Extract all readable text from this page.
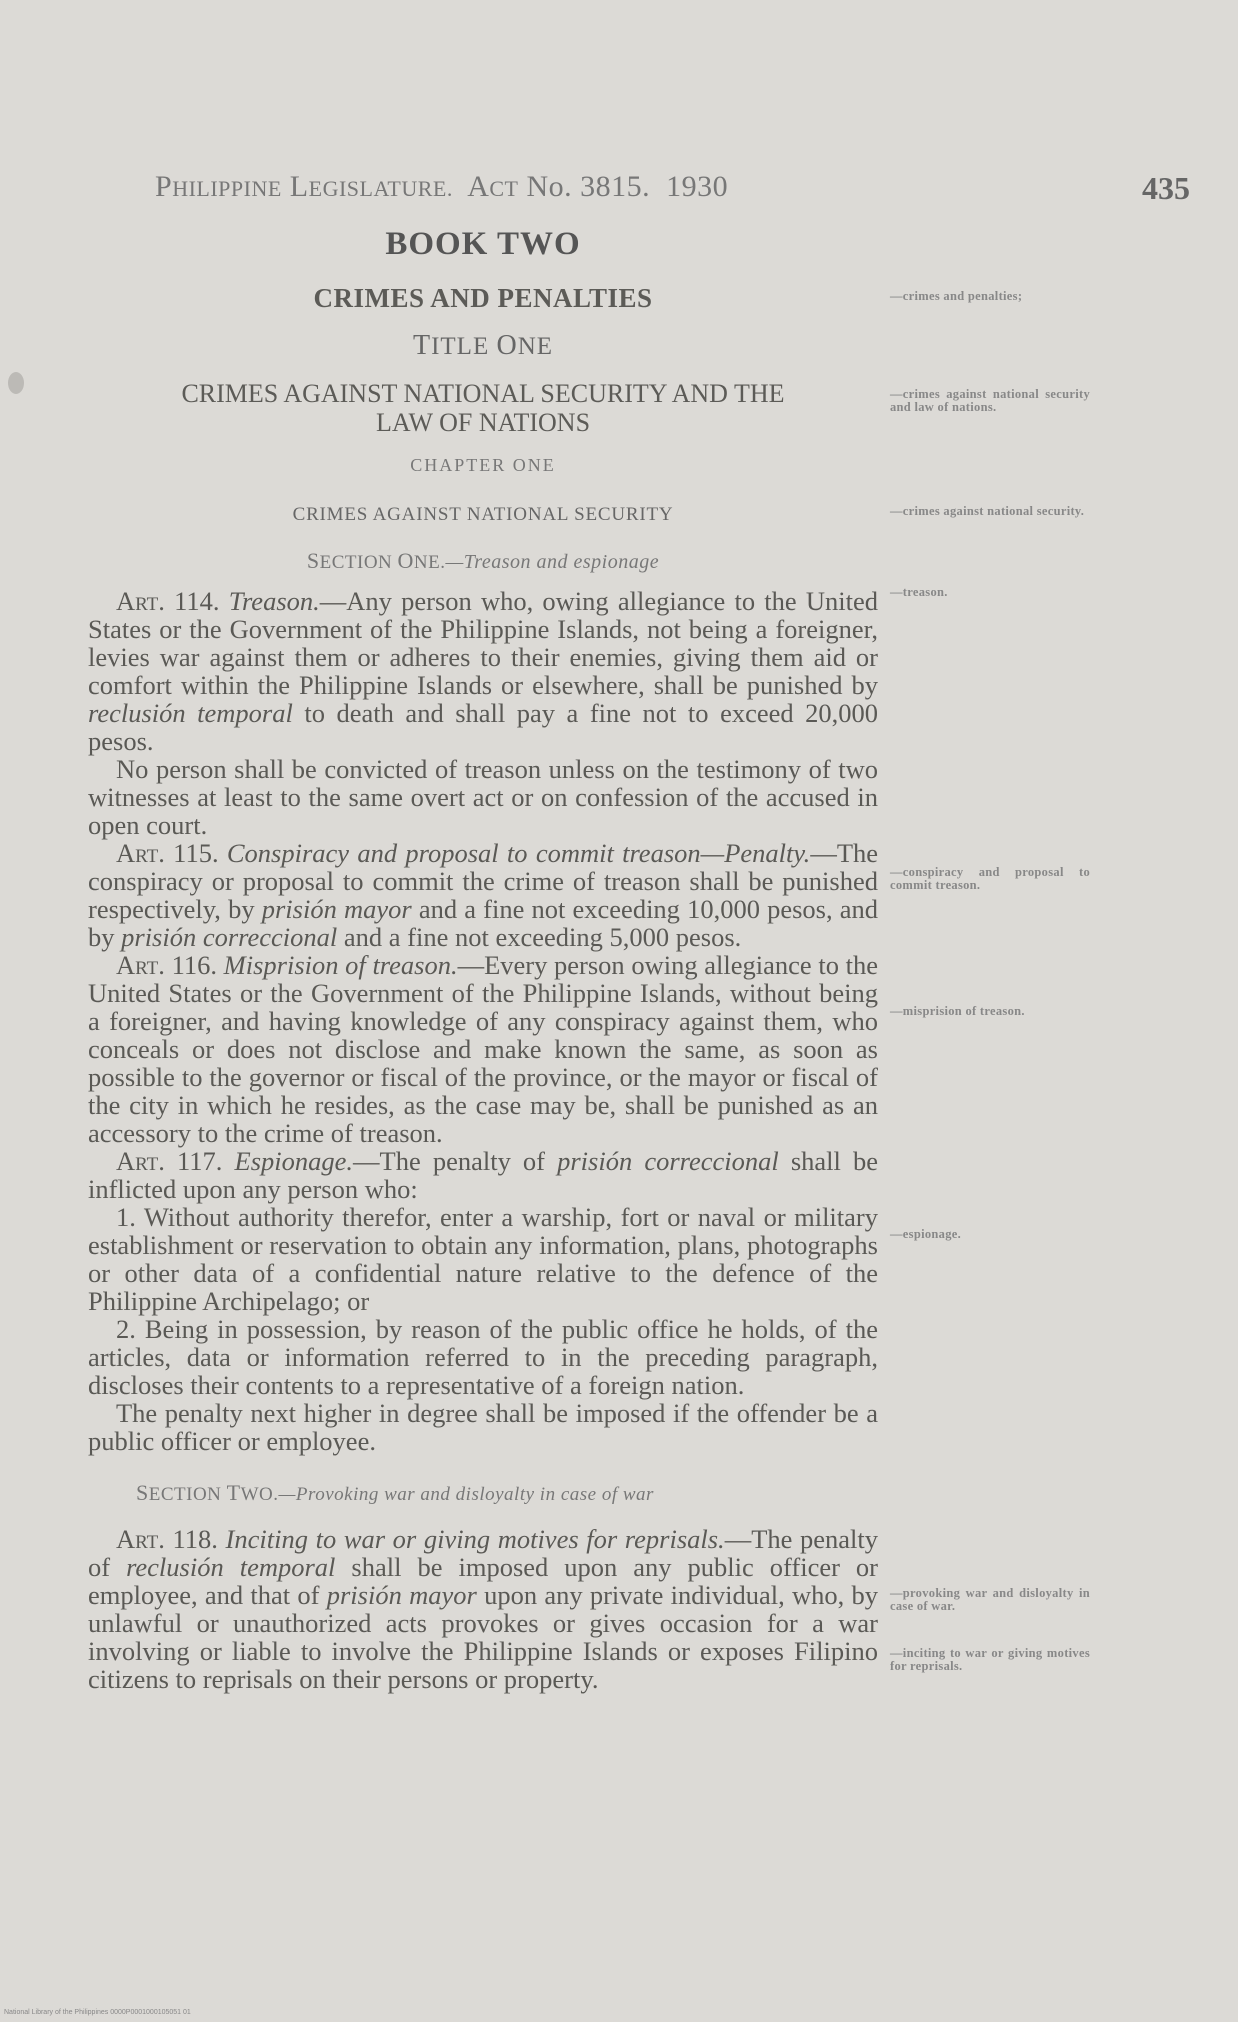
PHILIPPINE LEGISLATURE. ACT No. 3815. 1930	435
BOOK TWO
CRIMES AND PENALTIES
TITLE ONE
CRIMES AGAINST NATIONAL SECURITY AND THE
LAW OF NATIONS
CHAPTER ONE
CRIMES AGAINST NATIONAL SECURITY
SECTION ONE.—Treason and espionage

Art. 114. Treason.—Any person who, owing allegiance to the United States or the Government of the Philippine Islands, not being a foreigner, levies war against them or adheres to their enemies, giving them aid or comfort within the Philippine Islands or elsewhere, shall be punished by reclusión temporal to death and shall pay a fine not to exceed 20,000 pesos.

No person shall be convicted of treason unless on the testimony of two witnesses at least to the same overt act or on confession of the accused in open court.

Art. 115. Conspiracy and proposal to commit treason—Penalty.—The conspiracy or proposal to commit the crime of treason shall be punished respectively, by prisión mayor and a fine not exceeding 10,000 pesos, and by prisión correccional and a fine not exceeding 5,000 pesos.

Art. 116. Misprision of treason.—Every person owing allegiance to the United States or the Government of the Philippine Islands, without being a foreigner, and having knowledge of any conspiracy against them, who conceals or does not disclose and make known the same, as soon as possible to the governor or fiscal of the province, or the mayor or fiscal of the city in which he resides, as the case may be, shall be punished as an accessory to the crime of treason.

Art. 117. Espionage.—The penalty of prisión correccional shall be inflicted upon any person who:

1. Without authority therefor, enter a warship, fort or naval or military establishment or reservation to obtain any information, plans, photographs or other data of a confidential nature relative to the defence of the Philippine Archipelago; or

2. Being in possession, by reason of the public office he holds, of the articles, data or information referred to in the preceding paragraph, discloses their contents to a representative of a foreign nation.

The penalty next higher in degree shall be imposed if the offender be a public officer or employee.

SECTION TWO.—Provoking war and disloyalty in case of war

Art. 118. Inciting to war or giving motives for reprisals.—The penalty of reclusión temporal shall be imposed upon any public officer or employee, and that of prisión mayor upon any private individual, who, by unlawful or unauthorized acts provokes or gives occasion for a war involving or liable to involve the Philippine Islands or exposes Filipino citizens to reprisals on their persons or property.

—crimes and penalties;
—crimes against national security and law of nations.
—crimes against national security.
—treason.
—conspiracy and proposal to commit treason.
—misprision of treason.
—espionage.
—provoking war and disloyalty in case of war.
—inciting to war or giving motives for reprisals.
National Library of the Philippines 0000P0001000105051 01
